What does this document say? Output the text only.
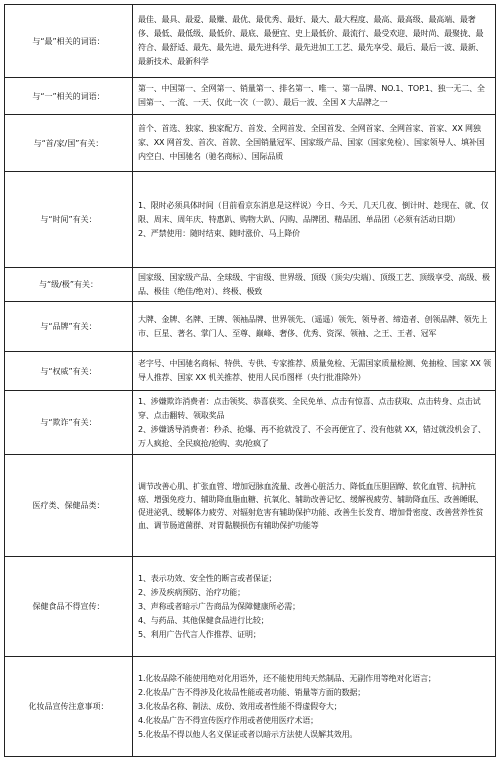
与“最”相关的词语：

最佳、最具、最爱、最赚、最优、最优秀、最好、最大、最大程度、最高、最高级、最高端、最奢侈、最低、最低级、最低价、最底、最便宜、史上最低价、最流行、最受欢迎、最时尚、最聚拢、最符合、最舒适、最先、最先进、最先进科学、最先进加工工艺、最先享受、最后、最后一波、最新、最新技术、最新科学

与“一”相关的词语：

第一、中国第一、全网第一、销量第一、排名第一、唯一、第一品牌、NO.1、TOP.1、独一无二、全国第一、一流、一天、仅此一次（一款）、最后一波、全国 X 大品牌之一

与“首/家/国”有关：

首个、首选、独家、独家配方、首发、全网首发、全国首发、全网首家、全网首家、首家、XX 网独家、XX 网首发、首次、首款、全国销量冠军、国家级产品、国家（国家免检）、国家领导人、填补国内空白、中国驰名（驰名商标）、国际品质

与“时间”有关：

1、限时必须具体时间（目前看京东消息是这样说）今日、今天、几天几夜、倒计时、趁现在、就、仅限、周末、周年庆、特惠趴、购物大趴、闪购、品牌团、精品团、单品团（必须有活动日期）

2、严禁使用：随时结束、随时涨价、马上降价

与“级/极”有关：

国家级、国家级产品、全球级、宇宙级、世界级、顶级（顶尖/尖端）、顶级工艺、顶级享受、高级、极品、极佳（绝佳/绝对）、终极、极致

与“品牌”有关：

大牌、金牌、名牌、王牌、领袖品牌、世界领先、（遥遥）领先、领导者、缔造者、创领品牌、领先上市、巨星、著名、掌门人、至尊、巅峰、奢侈、优秀、资深、领袖、之王、王者、冠军

与“权威”有关：

老字号、中国驰名商标、特供、专供、专家推荐、质量免检、无需国家质量检测、免抽检、国家 XX 领导人推荐、国家 XX 机关推荐、使用人民币图样（央行批准除外）

与“欺诈”有关：

1、涉嫌欺诈消费者：点击领奖、恭喜获奖、全民免单、点击有惊喜、点击获取、点击转身、点击试穿、点击翻转、领取奖品

2、涉嫌诱导消费者：秒杀、抢爆、再不抢就没了、不会再便宜了、没有他就 XX，错过就没机会了、万人疯抢、全民疯抢/抢购、卖/抢疯了

医疗类、保健品类：

调节改善心肌、扩张血管、增加冠脉血流量、改善心脏活力、降低血压胆固醇、软化血管、抗肿抗癌、增强免疫力、辅助降血脂血糖、抗氧化、辅助改善记忆、缓解视疲劳、辅助降血压、改善睡眠、促进泌乳、缓解体力疲劳、对辐射危害有辅助保护功能、改善生长发育、增加骨密度、改善营养性贫血、调节肠道菌群、对胃黏膜损伤有辅助保护功能等

保健食品不得宣传：

1、表示功效、安全性的断言或者保证；

2、涉及疾病预防、治疗功能；

3、声称或者暗示广告商品为保障健康所必需；

4、与药品、其他保健食品进行比较；

5、利用广告代言人作推荐、证明；

化妆品宣传注意事项：

1.化妆品除不能使用绝对化用语外，还不能使用纯天然制品、无副作用等绝对化语言；

2.化妆品广告不得涉及化妆品性能或者功能、销量等方面的数据；

3.化妆品名称、制法、成份、效用或者性能不得虚假夸大；

4.化妆品广告不得宣传医疗作用或者使用医疗术语；

5.化妆品不得以他人名义保证或者以暗示方法使人误解其效用。
